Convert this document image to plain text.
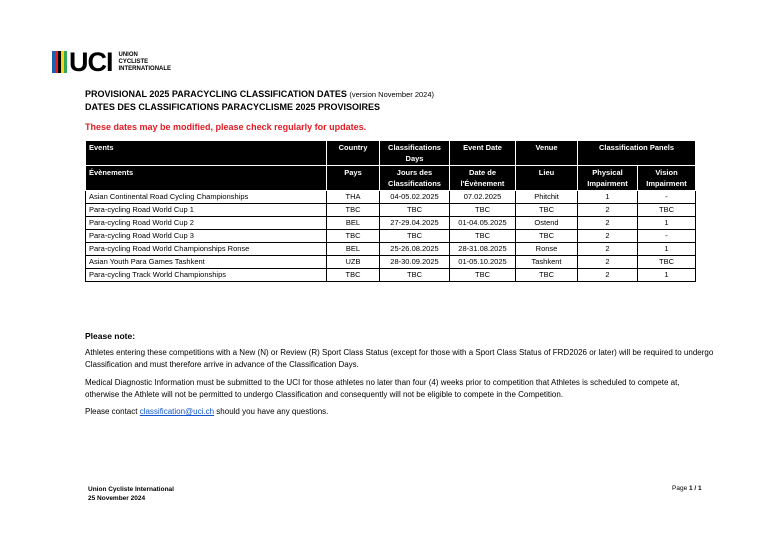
UCI UNION
CYCLISTE
INTERNATIONALE
PROVISIONAL 2025 PARACYCLING CLASSIFICATION DATES (version November 2024)
DATES DES CLASSIFICATIONS PARACYCLISME 2025 PROVISOIRES
These dates may be modified, please check regularly for updates.
Events	Country	Classifications Days	Event Date	Venue	Classification Panels	
Évènements	Pays	Jours des Classifications	Date de l'Évènement	Lieu	Physical Impairment	Vision Impairment
Asian Continental Road Cycling Championships	THA	04-05.02.2025	07.02.2025	Phitchit	1	-
Para-cycling Road World Cup 1	TBC	TBC	TBC	TBC	2	TBC
Para-cycling Road World Cup 2	BEL	27-29.04.2025	01-04.05.2025	Ostend	2	1
Para-cycling Road World Cup 3	TBC	TBC	TBC	TBC	2	-
Para-cycling Road World Championships Ronse	BEL	25-26.08.2025	28-31.08.2025	Ronse	2	1
Asian Youth Para Games Tashkent	UZB	28-30.09.2025	01-05.10.2025	Tashkent	2	TBC
Para-cycling Track World Championships	TBC	TBC	TBC	TBC	2	1
Please note:
Athletes entering these competitions with a New (N) or Review (R) Sport Class Status (except for those with a Sport Class Status of FRD2026 or later) will be required to undergo Classification and must therefore arrive in advance of the Classification Days.
Medical Diagnostic Information must be submitted to the UCI for those athletes no later than four (4) weeks prior to competition that Athletes is scheduled to compete at, otherwise the Athlete will not be permitted to undergo Classification and consequently will not be eligible to compete in the Competition.
Please contact classification@uci.ch should you have any questions.
Union Cycliste International
25 November 2024
Page 1 / 1
